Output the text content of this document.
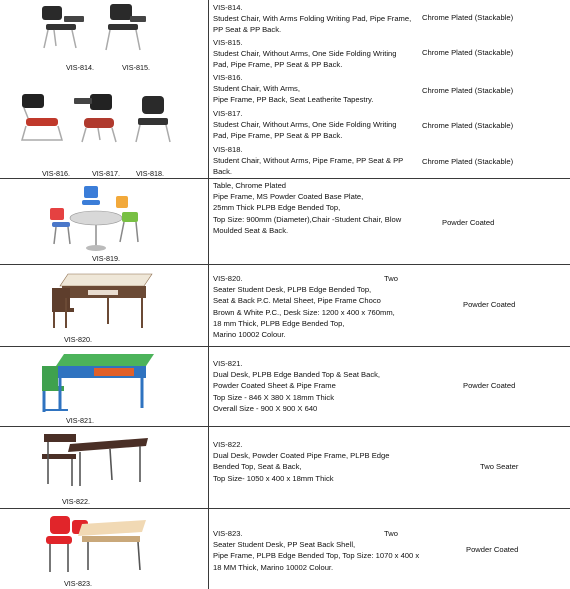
VIS-814.	VIS-815.
VIS-816.	VIS-817. VIS-818.
VIS-814.
Studest Chair, With Arms Folding Writing Pad, Pipe Frame,
PP Seat & PP Back.
Chrome Plated (Stackable)
VIS-815.
Studest Chair, Without Arms, One Side Folding Writing
Pad, Pipe Frame, PP Seat & PP Back.
Chrome Plated (Stackable)
VIS-816.
Student Chair, With Arms,
Pipe Frame, PP Back, Seat Leatherite Tapestry.
Chrome Plated (Stackable)
VIS-817.
Studest Chair, Without Arms, One Side Folding Writing
Pad, Pipe Frame, PP Seat & PP Back.
Chrome Plated (Stackable)
VIS-818.
Student Chair, Without Arms, Pipe Frame, PP Seat & PP
Back.
Chrome Plated (Stackable)
VIS-819.
Table, Chrome Plated
Pipe Frame, MS Powder Coated Base Plate,
25mm Thick PLPB Edge Bended Top,
Top Size: 900mm (Diameter),Chair -Student Chair, Blow
Moulded Seat & Back.
Powder Coated
VIS-820.
VIS-820.
Seater Student Desk, PLPB Edge Bended Top,
Seat & Back P.C. Metal Sheet, Pipe Frame Choco
Brown & White P.C., Desk Size: 1200 x 400 x 760mm,
18 mm Thick, PLPB Edge Bended Top,
Marino 10002 Colour.
Two
Powder Coated
VIS-821.
VIS-821.
Dual Desk, PLPB Edge Banded Top & Seat Back,
Powder Coated Sheet & Pipe Frame
Top Size - 846 X 380 X 18mm Thick
Overall Size - 900 X 900 X 640
Powder Coated
VIS-822.
VIS-822.
Dual Desk, Powder Coated Pipe Frame, PLPB Edge
Bended Top, Seat & Back,
Top Size- 1050 x 400 x 18mm Thick
Two Seater
VIS-823.
VIS-823.
Seater Student Desk, PP Seat Back Shell,
Pipe Frame, PLPB Edge Bended Top, Top Size: 1070 x 400 x
18 MM Thick, Marino 10002 Colour.
Two
Powder Coated
